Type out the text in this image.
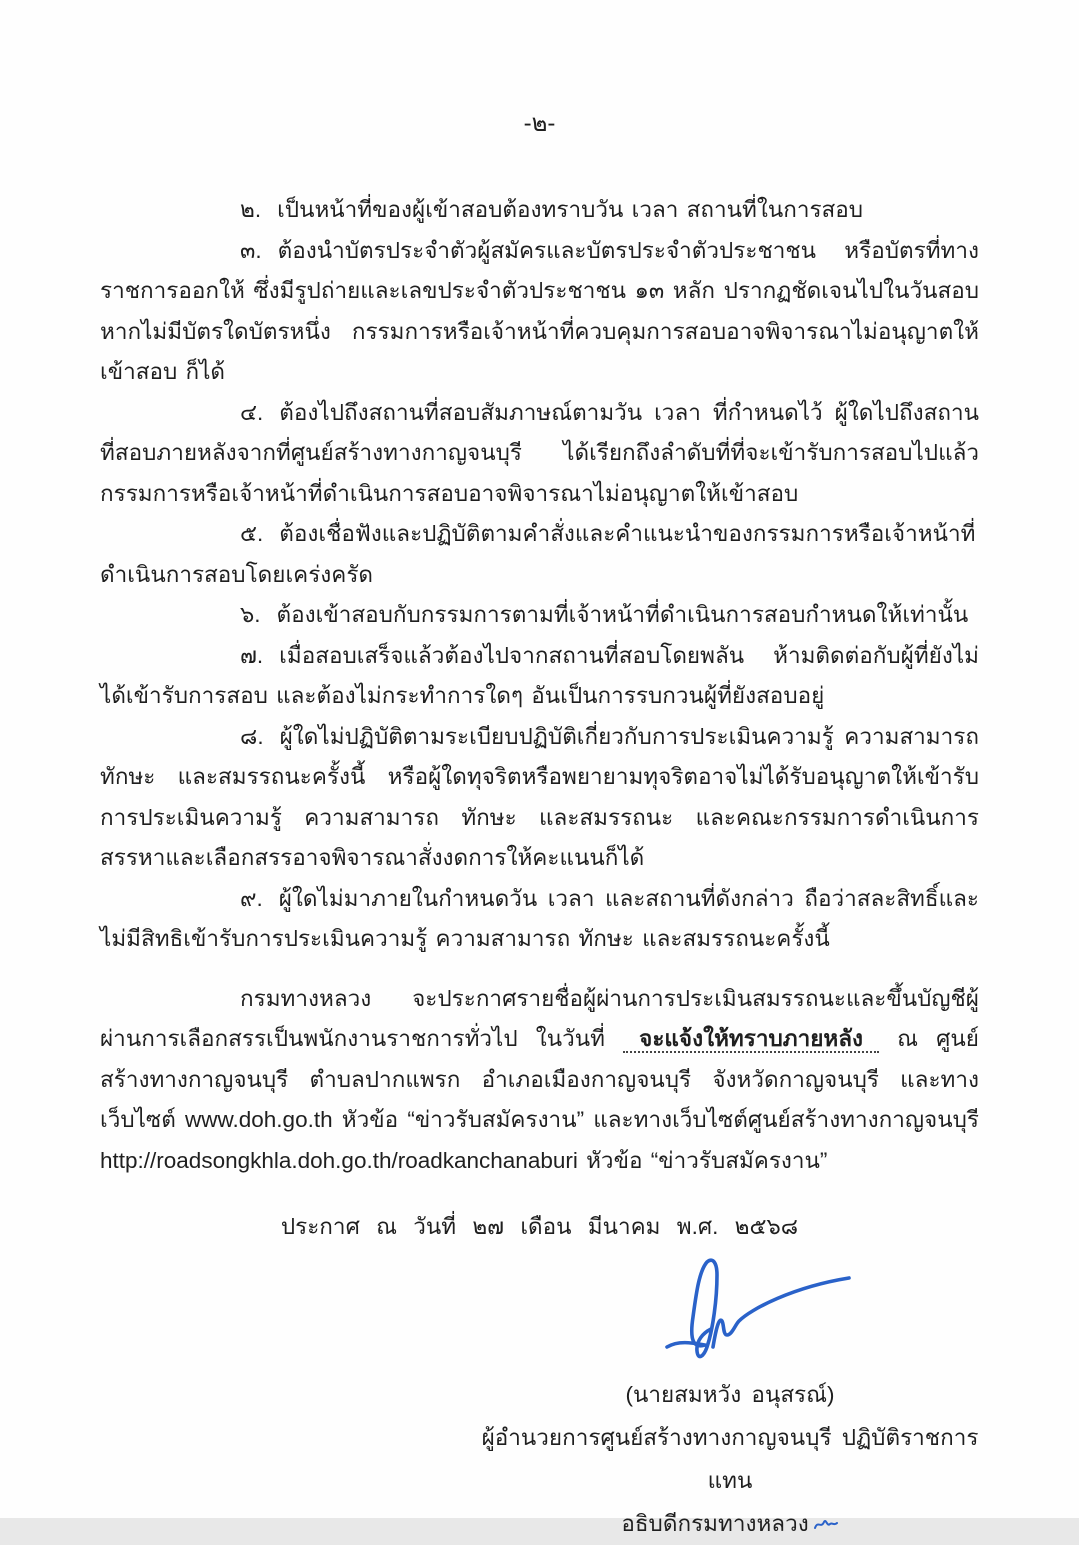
-๒-

๒. เป็นหน้าที่ของผู้เข้าสอบต้องทราบวัน เวลา สถานที่ในการสอบ

๓. ต้องนำบัตรประจำตัวผู้สมัครและบัตรประจำตัวประชาชน หรือบัตรที่ทางราชการออกให้ ซึ่งมีรูปถ่ายและเลขประจำตัวประชาชน ๑๓ หลัก ปรากฏชัดเจนไปในวันสอบ หากไม่มีบัตรใดบัตรหนึ่ง กรรมการหรือเจ้าหน้าที่ควบคุมการสอบอาจพิจารณาไม่อนุญาตให้เข้าสอบ ก็ได้

๔. ต้องไปถึงสถานที่สอบสัมภาษณ์ตามวัน เวลา ที่กำหนดไว้ ผู้ใดไปถึงสถานที่สอบภายหลังจากที่ศูนย์สร้างทางกาญจนบุรี ได้เรียกถึงลำดับที่ที่จะเข้ารับการสอบไปแล้ว กรรมการหรือเจ้าหน้าที่ดำเนินการสอบอาจพิจารณาไม่อนุญาตให้เข้าสอบ

๕. ต้องเชื่อฟังและปฏิบัติตามคำสั่งและคำแนะนำของกรรมการหรือเจ้าหน้าที่ดำเนินการสอบโดยเคร่งครัด

๖. ต้องเข้าสอบกับกรรมการตามที่เจ้าหน้าที่ดำเนินการสอบกำหนดให้เท่านั้น

๗. เมื่อสอบเสร็จแล้วต้องไปจากสถานที่สอบโดยพลัน ห้ามติดต่อกับผู้ที่ยังไม่ได้เข้ารับการสอบ และต้องไม่กระทำการใดๆ อันเป็นการรบกวนผู้ที่ยังสอบอยู่

๘. ผู้ใดไม่ปฏิบัติตามระเบียบปฏิบัติเกี่ยวกับการประเมินความรู้ ความสามารถ ทักษะ และสมรรถนะครั้งนี้ หรือผู้ใดทุจริตหรือพยายามทุจริตอาจไม่ได้รับอนุญาตให้เข้ารับการประเมินความรู้ ความสามารถ ทักษะ และสมรรถนะ และคณะกรรมการดำเนินการสรรหาและเลือกสรรอาจพิจารณาสั่งงดการให้คะแนนก็ได้

๙. ผู้ใดไม่มาภายในกำหนดวัน เวลา และสถานที่ดังกล่าว ถือว่าสละสิทธิ์และไม่มีสิทธิเข้ารับการประเมินความรู้ ความสามารถ ทักษะ และสมรรถนะครั้งนี้

กรมทางหลวง จะประกาศรายชื่อผู้ผ่านการประเมินสมรรถนะและขึ้นบัญชีผู้ผ่านการเลือกสรรเป็นพนักงานราชการทั่วไป ในวันที่ จะแจ้งให้ทราบภายหลัง ณ ศูนย์สร้างทางกาญจนบุรี ตำบลปากแพรก อำเภอเมืองกาญจนบุรี จังหวัดกาญจนบุรี และทางเว็บไซต์ www.doh.go.th หัวข้อ “ข่าวรับสมัครงาน” และทางเว็บไซต์ศูนย์สร้างทางกาญจนบุรี http://roadsongkhla.doh.go.th/roadkanchanaburi หัวข้อ “ข่าวรับสมัครงาน”

ประกาศ ณ วันที่ ๒๗ เดือน มีนาคม พ.ศ. ๒๕๖๘

(นายสมหวัง อนุสรณ์)

ผู้อำนวยการศูนย์สร้างทางกาญจนบุรี ปฏิบัติราชการแทน

อธิบดีกรมทางหลวง
